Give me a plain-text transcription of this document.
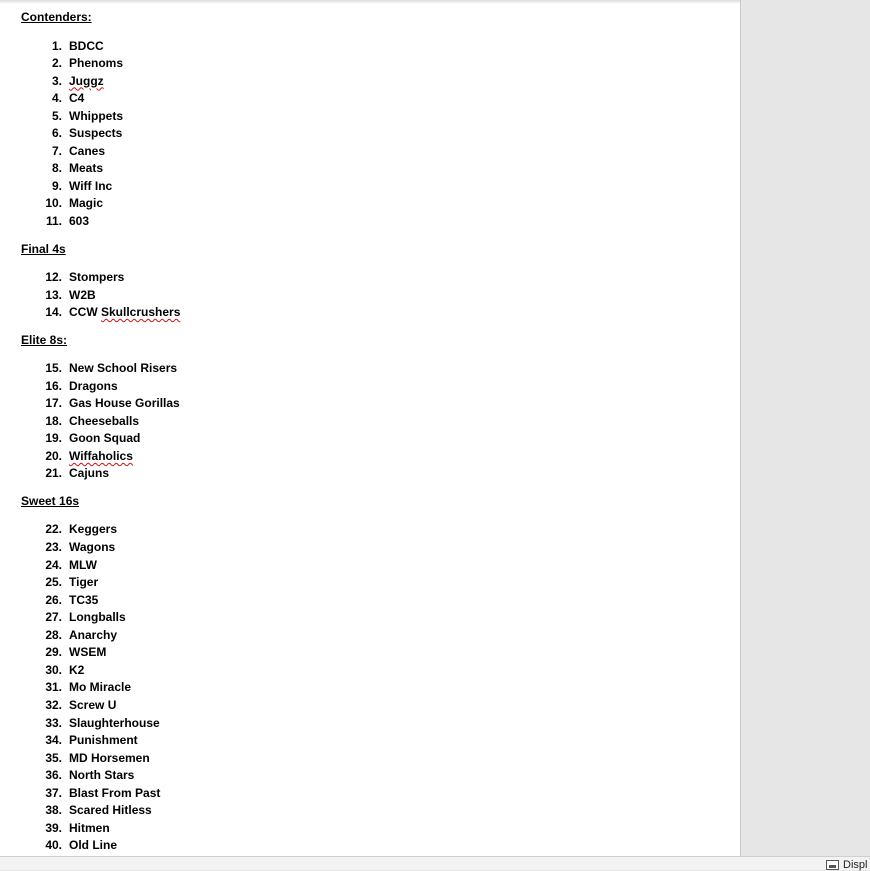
Contenders:
1. BDCC
2. Phenoms
3. Juggz
4. C4
5. Whippets
6. Suspects
7. Canes
8. Meats
9. Wiff Inc
10. Magic
11. 603
Final 4s
12. Stompers
13. W2B
14. CCW Skullcrushers
Elite 8s:
15. New School Risers
16. Dragons
17. Gas House Gorillas
18. Cheeseballs
19. Goon Squad
20. Wiffaholics
21. Cajuns
Sweet 16s
22. Keggers
23. Wagons
24. MLW
25. Tiger
26. TC35
27. Longballs
28. Anarchy
29. WSEM
30. K2
31. Mo Miracle
32. Screw U
33. Slaughterhouse
34. Punishment
35. MD Horsemen
36. North Stars
37. Blast From Past
38. Scared Hitless
39. Hitmen
40. Old Line
Displ
